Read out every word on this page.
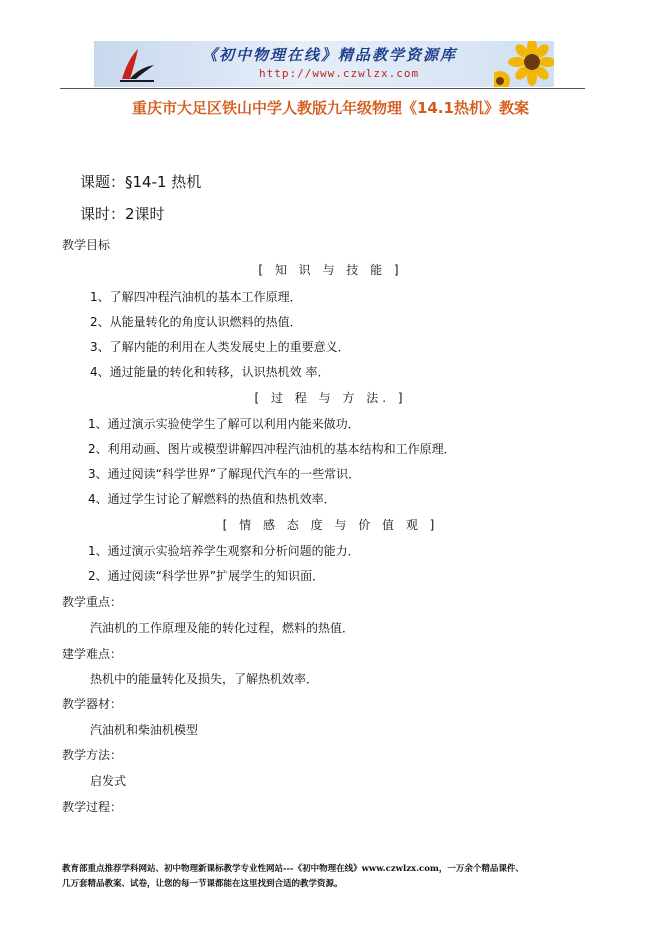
《初中物理在线》精品教学资源库
http://www.czwlzx.com
重庆市大足区铁山中学人教版九年级物理《14.1热机》教案
课题：§14-1 热机
课时：2课时
教学目标
[ 知 识 与 技 能 ]
1、了解四冲程汽油机的基本工作原理．
2、从能量转化的角度认识燃料的热值．
3、了解内能的利用在人类发展史上的重要意义．
4、通过能量的转化和转移，认识热机效 率．
[ 过 程 与 方 法. ]
1、通过演示实验使学生了解可以利用内能来做功．
2、利用动画、图片或模型讲解四冲程汽油机的基本结构和工作原理．
3、通过阅读“科学世界”了解现代汽车的一些常识．
4、通过学生讨论了解燃料的热值和热机效率．
[ 情 感 态 度 与 价 值 观 ]
1、通过演示实验培养学生观察和分析问题的能力．
2、通过阅读“科学世界”扩展学生的知识面．
教学重点：
汽油机的工作原理及能的转化过程，燃料的热值．
建学难点：
热机中的能量转化及损失，了解热机效率．
教学器材：
汽油机和柴油机模型
教学方法：
启发式
教学过程：
教育部重点推荐学科网站、初中物理新课标教学专业性网站---《初中物理在线》www.czwlzx.com，一万余个精品课件、
几万套精品教案、试卷，让您的每一节课都能在这里找到合适的教学资源。
